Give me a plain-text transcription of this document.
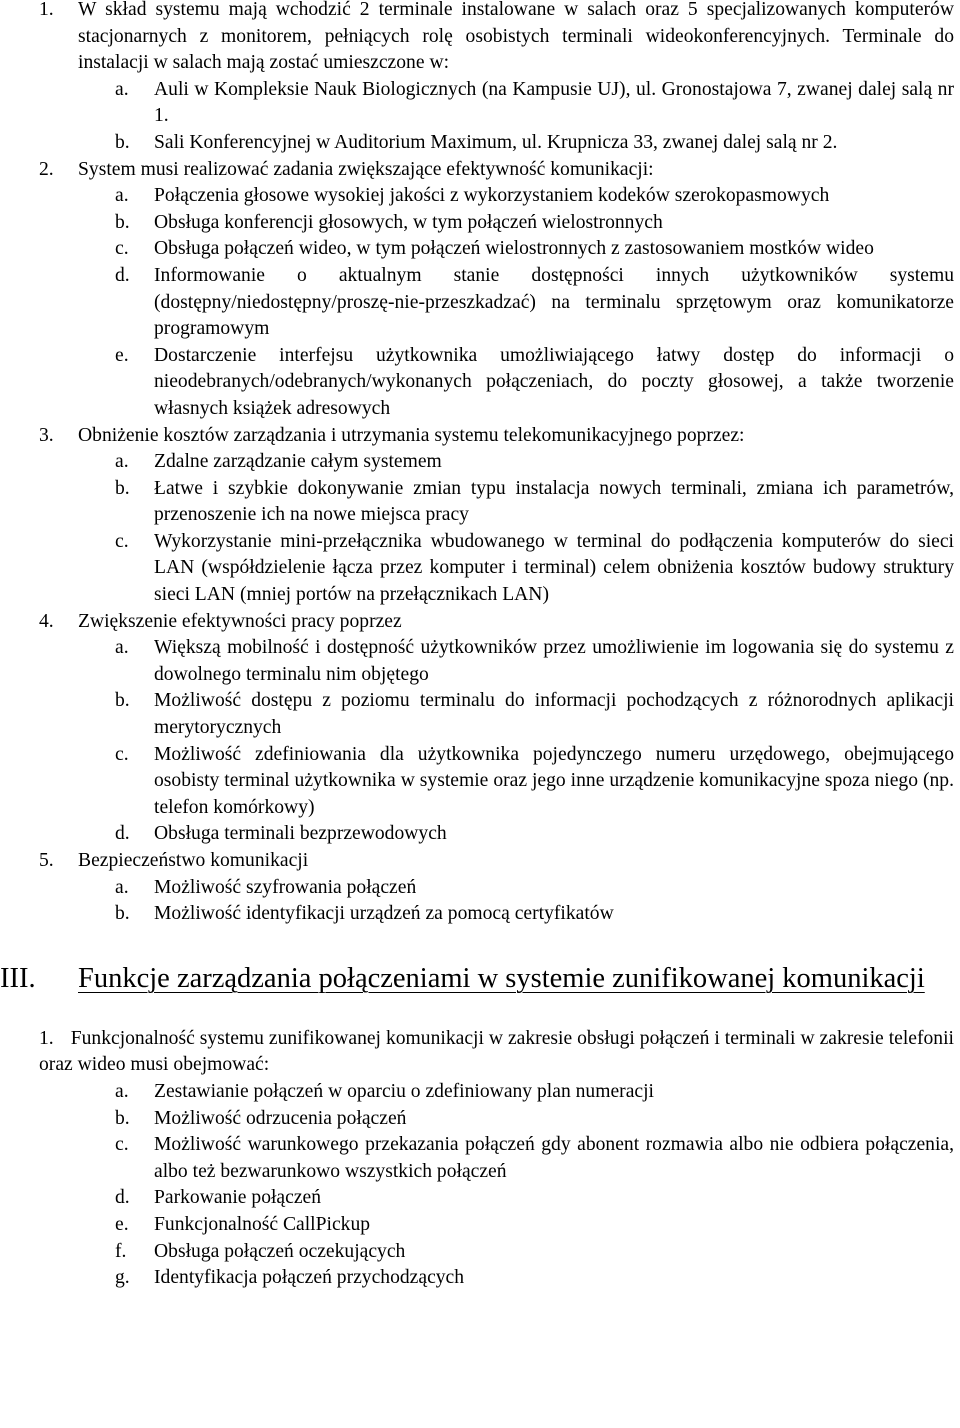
1. W skład systemu mają wchodzić 2 terminale instalowane w salach oraz 5 specjalizowanych komputerów stacjonarnych z monitorem, pełniących rolę osobistych terminali wideokonferencyjnych. Terminale do instalacji w salach mają zostać umieszczone w:
a. Auli w Kompleksie Nauk Biologicznych (na Kampusie UJ), ul. Gronostajowa 7, zwanej dalej salą nr 1.
b. Sali Konferencyjnej w Auditorium Maximum, ul. Krupnicza 33, zwanej dalej salą nr 2.
2. System musi realizować zadania zwiększające efektywność komunikacji:
a. Połączenia głosowe wysokiej jakości z wykorzystaniem kodeków szerokopasmowych
b. Obsługa konferencji głosowych, w tym połączeń wielostronnych
c. Obsługa połączeń wideo, w tym połączeń wielostronnych z zastosowaniem mostków wideo
d. Informowanie o aktualnym stanie dostępności innych użytkowników systemu (dostępny/niedostępny/proszę-nie-przeszkadzać) na terminalu sprzętowym oraz komunikatorze programowym
e. Dostarczenie interfejsu użytkownika umożliwiającego łatwy dostęp do informacji o nieodebranych/odebranych/wykonanych połączeniach, do poczty głosowej, a także tworzenie własnych książek adresowych
3. Obniżenie kosztów zarządzania i utrzymania systemu telekomunikacyjnego poprzez:
a. Zdalne zarządzanie całym systemem
b. Łatwe i szybkie dokonywanie zmian typu instalacja nowych terminali, zmiana ich parametrów, przenoszenie ich na nowe miejsca pracy
c. Wykorzystanie mini-przełącznika wbudowanego w terminal do podłączenia komputerów do sieci LAN (współdzielenie łącza przez komputer i terminal) celem obniżenia kosztów budowy struktury sieci LAN (mniej portów na przełącznikach LAN)
4. Zwiększenie efektywności pracy poprzez
a. Większą mobilność i dostępność użytkowników przez umożliwienie im logowania się do systemu z dowolnego terminalu nim objętego
b. Możliwość dostępu z poziomu terminalu do informacji pochodzących z różnorodnych aplikacji merytorycznych
c. Możliwość zdefiniowania dla użytkownika pojedynczego numeru urzędowego, obejmującego osobisty terminal użytkownika w systemie oraz jego inne urządzenie komunikacyjne spoza niego (np. telefon komórkowy)
d. Obsługa terminali bezprzewodowych
5. Bezpieczeństwo komunikacji
a. Możliwość szyfrowania połączeń
b. Możliwość identyfikacji urządzeń za pomocą certyfikatów
III. Funkcje zarządzania połączeniami w systemie zunifikowanej komunikacji
1. Funkcjonalność systemu zunifikowanej komunikacji w zakresie obsługi połączeń i terminali w zakresie telefonii oraz wideo musi obejmować:
a. Zestawianie połączeń w oparciu o zdefiniowany plan numeracji
b. Możliwość odrzucenia połączeń
c. Możliwość warunkowego przekazania połączeń gdy abonent rozmawia albo nie odbiera połączenia, albo też bezwarunkowo wszystkich połączeń
d. Parkowanie połączeń
e. Funkcjonalność CallPickup
f. Obsługa połączeń oczekujących
g. Identyfikacja połączeń przychodzących
